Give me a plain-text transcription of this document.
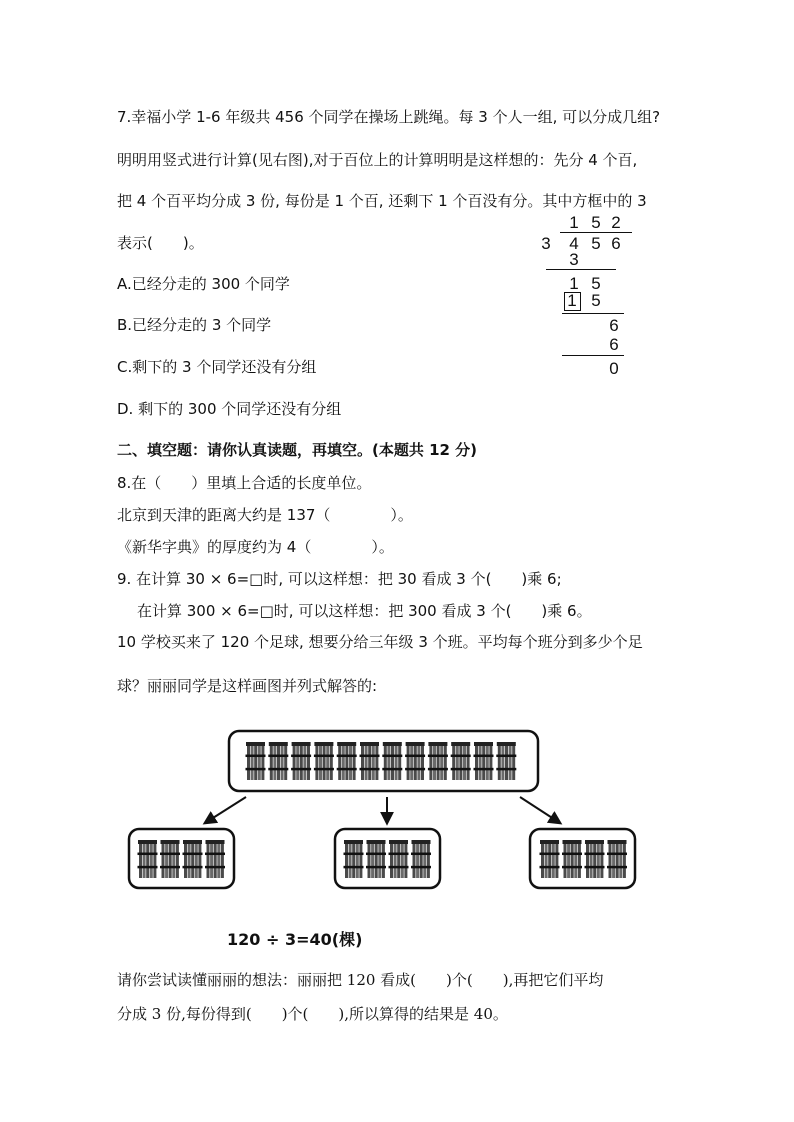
7.幸福小学 1-6 年级共 456 个同学在操场上跳绳。每 3 个人一组, 可以分成几组?
明明用竖式进行计算(见右图),对于百位上的计算明明是这样想的：先分 4 个百,
把 4 个百平均分成 3 份, 每份是 1 个百, 还剩下 1 个百没有分。其中方框中的 3
表示(　　)。
A.已经分走的 300 个同学
B.已经分走的 3 个同学
C.剩下的 3 个同学还没有分组
D. 剩下的 300 个同学还没有分组
1 5 2
3 4 5 6
3
1 5
1 5
6
6
0
二、填空题：请你认真读题，再填空。(本题共 12 分)
8.在（　　）里填上合适的长度单位。
北京到天津的距离大约是 137（　　　　）。
《新华字典》的厚度约为 4（　　　　）。
9. 在计算 30 × 6=□时, 可以这样想：把 30 看成 3 个(　　)乘 6;
在计算 300 × 6=□时, 可以这样想：把 300 看成 3 个(　　)乘 6。
10 学校买来了 120 个足球, 想要分给三年级 3 个班。平均每个班分到多少个足
球？丽丽同学是这样画图并列式解答的:
120 ÷ 3=40(棵)
请你尝试读懂丽丽的想法：丽丽把 120 看成(　　)个(　　),再把它们平均
分成 3 份,每份得到(　　)个(　　),所以算得的结果是 40。
